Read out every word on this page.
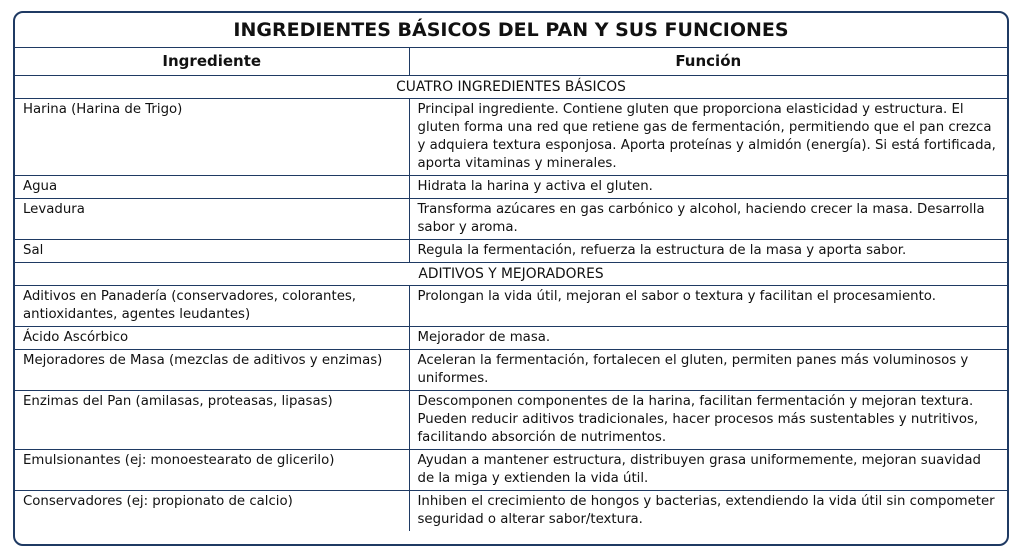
INGREDIENTES BÁSICOS DEL PAN Y SUS FUNCIONES	
Ingrediente	Función
CUATRO INGREDIENTES BÁSICOS	
Harina (Harina de Trigo)	Principal ingrediente. Contiene gluten que proporciona elasticidad y estructura. El gluten forma una red que retiene gas de fermentación, permitiendo que el pan crezca y adquiera textura esponjosa. Aporta proteínas y almidón (energía). Si está fortificada, aporta vitaminas y minerales.
Agua	Hidrata la harina y activa el gluten.
Levadura	Transforma azúcares en gas carbónico y alcohol, haciendo crecer la masa. Desarrolla sabor y aroma.
Sal	Regula la fermentación, refuerza la estructura de la masa y aporta sabor.
ADITIVOS Y MEJORADORES	
Aditivos en Panadería (conservadores, colorantes, antioxidantes, agentes leudantes)	Prolongan la vida útil, mejoran el sabor o textura y facilitan el procesamiento.
Ácido Ascórbico	Mejorador de masa.
Mejoradores de Masa (mezclas de aditivos y enzimas)	Aceleran la fermentación, fortalecen el gluten, permiten panes más voluminosos y uniformes.
Enzimas del Pan (amilasas, proteasas, lipasas)	Descomponen componentes de la harina, facilitan fermentación y mejoran textura. Pueden reducir aditivos tradicionales, hacer procesos más sustentables y nutritivos, facilitando absorción de nutrimentos.
Emulsionantes (ej: monoestearato de glicerilo)	Ayudan a mantener estructura, distribuyen grasa uniformemente, mejoran suavidad de la miga y extienden la vida útil.
Conservadores (ej: propionato de calcio)	Inhiben el crecimiento de hongos y bacterias, extendiendo la vida útil sin compometer seguridad o alterar sabor/textura.
